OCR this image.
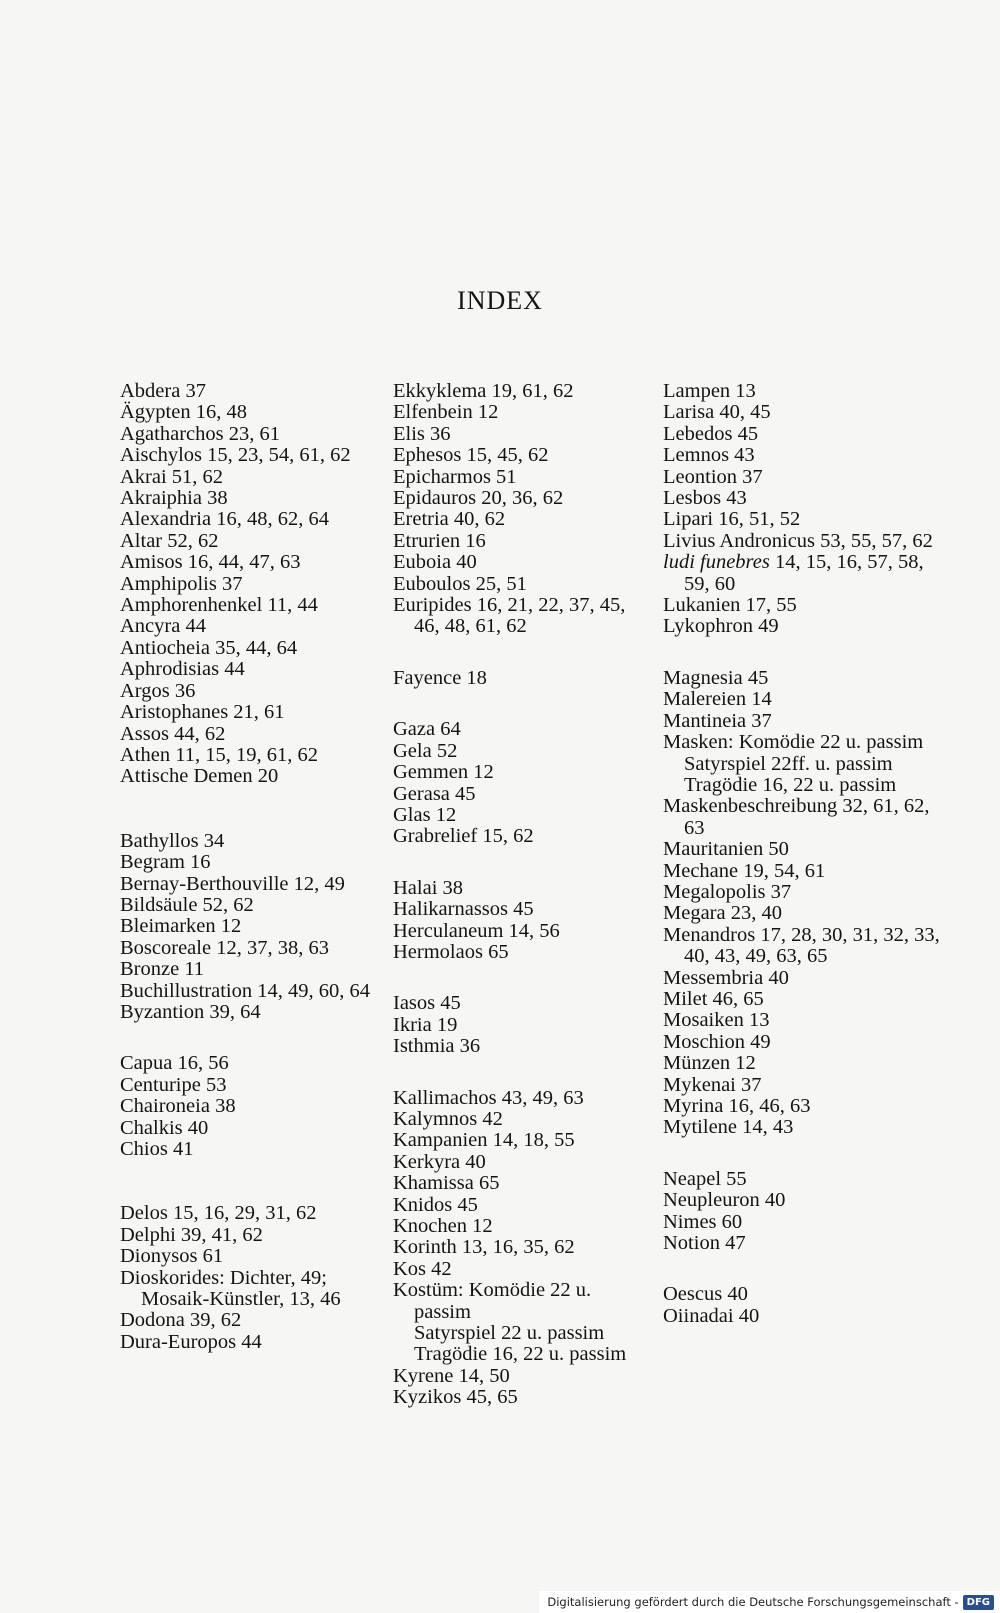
INDEX
Abdera 37
Ägypten 16, 48
Agatharchos 23, 61
Aischylos 15, 23, 54, 61, 62
Akrai 51, 62
Akraiphia 38
Alexandria 16, 48, 62, 64
Altar 52, 62
Amisos 16, 44, 47, 63
Amphipolis 37
Amphorenhenkel 11, 44
Ancyra 44
Antiocheia 35, 44, 64
Aphrodisias 44
Argos 36
Aristophanes 21, 61
Assos 44, 62
Athen 11, 15, 19, 61, 62
Attische Demen 20
Bathyllos 34
Begram 16
Bernay-Berthouville 12, 49
Bildsäule 52, 62
Bleimarken 12
Boscoreale 12, 37, 38, 63
Bronze 11
Buchillustration 14, 49, 60, 64
Byzantion 39, 64
Capua 16, 56
Centuripe 53
Chaironeia 38
Chalkis 40
Chios 41
Delos 15, 16, 29, 31, 62
Delphi 39, 41, 62
Dionysos 61
Dioskorides: Dichter, 49; Mosaik-Künstler, 13, 46
Dodona 39, 62
Dura-Europos 44
Ekkyklema 19, 61, 62
Elfenbein 12
Elis 36
Ephesos 15, 45, 62
Epicharmos 51
Epidauros 20, 36, 62
Eretria 40, 62
Etrurien 16
Euboia 40
Euboulos 25, 51
Euripides 16, 21, 22, 37, 45, 46, 48, 61, 62
Fayence 18
Gaza 64
Gela 52
Gemmen 12
Gerasa 45
Glas 12
Grabrelief 15, 62
Halai 38
Halikarnassos 45
Herculaneum 14, 56
Hermolaos 65
Iasos 45
Ikria 19
Isthmia 36
Kallimachos 43, 49, 63
Kalymnos 42
Kampanien 14, 18, 55
Kerkyra 40
Khamissa 65
Knidos 45
Knochen 12
Korinth 13, 16, 35, 62
Kos 42
Kostüm: Komödie 22 u. passim
Satyrspiel 22 u. passim
Tragödie 16, 22 u. passim
Kyrene 14, 50
Kyzikos 45, 65
Lampen 13
Larisa 40, 45
Lebedos 45
Lemnos 43
Leontion 37
Lesbos 43
Lipari 16, 51, 52
Livius Andronicus 53, 55, 57, 62
ludi funebres 14, 15, 16, 57, 58, 59, 60
Lukanien 17, 55
Lykophron 49
Magnesia 45
Malereien 14
Mantineia 37
Masken: Komödie 22 u. passim
Satyrspiel 22ff. u. passim
Tragödie 16, 22 u. passim
Maskenbeschreibung 32, 61, 62, 63
Mauritanien 50
Mechane 19, 54, 61
Megalopolis 37
Megara 23, 40
Menandros 17, 28, 30, 31, 32, 33, 40, 43, 49, 63, 65
Messembria 40
Milet 46, 65
Mosaiken 13
Moschion 49
Münzen 12
Mykenai 37
Myrina 16, 46, 63
Mytilene 14, 43
Neapel 55
Neupleuron 40
Nimes 60
Notion 47
Oescus 40
Oiinadai 40
Digitalisierung gefördert durch die Deutsche Forschungsgemeinschaft - DFG
